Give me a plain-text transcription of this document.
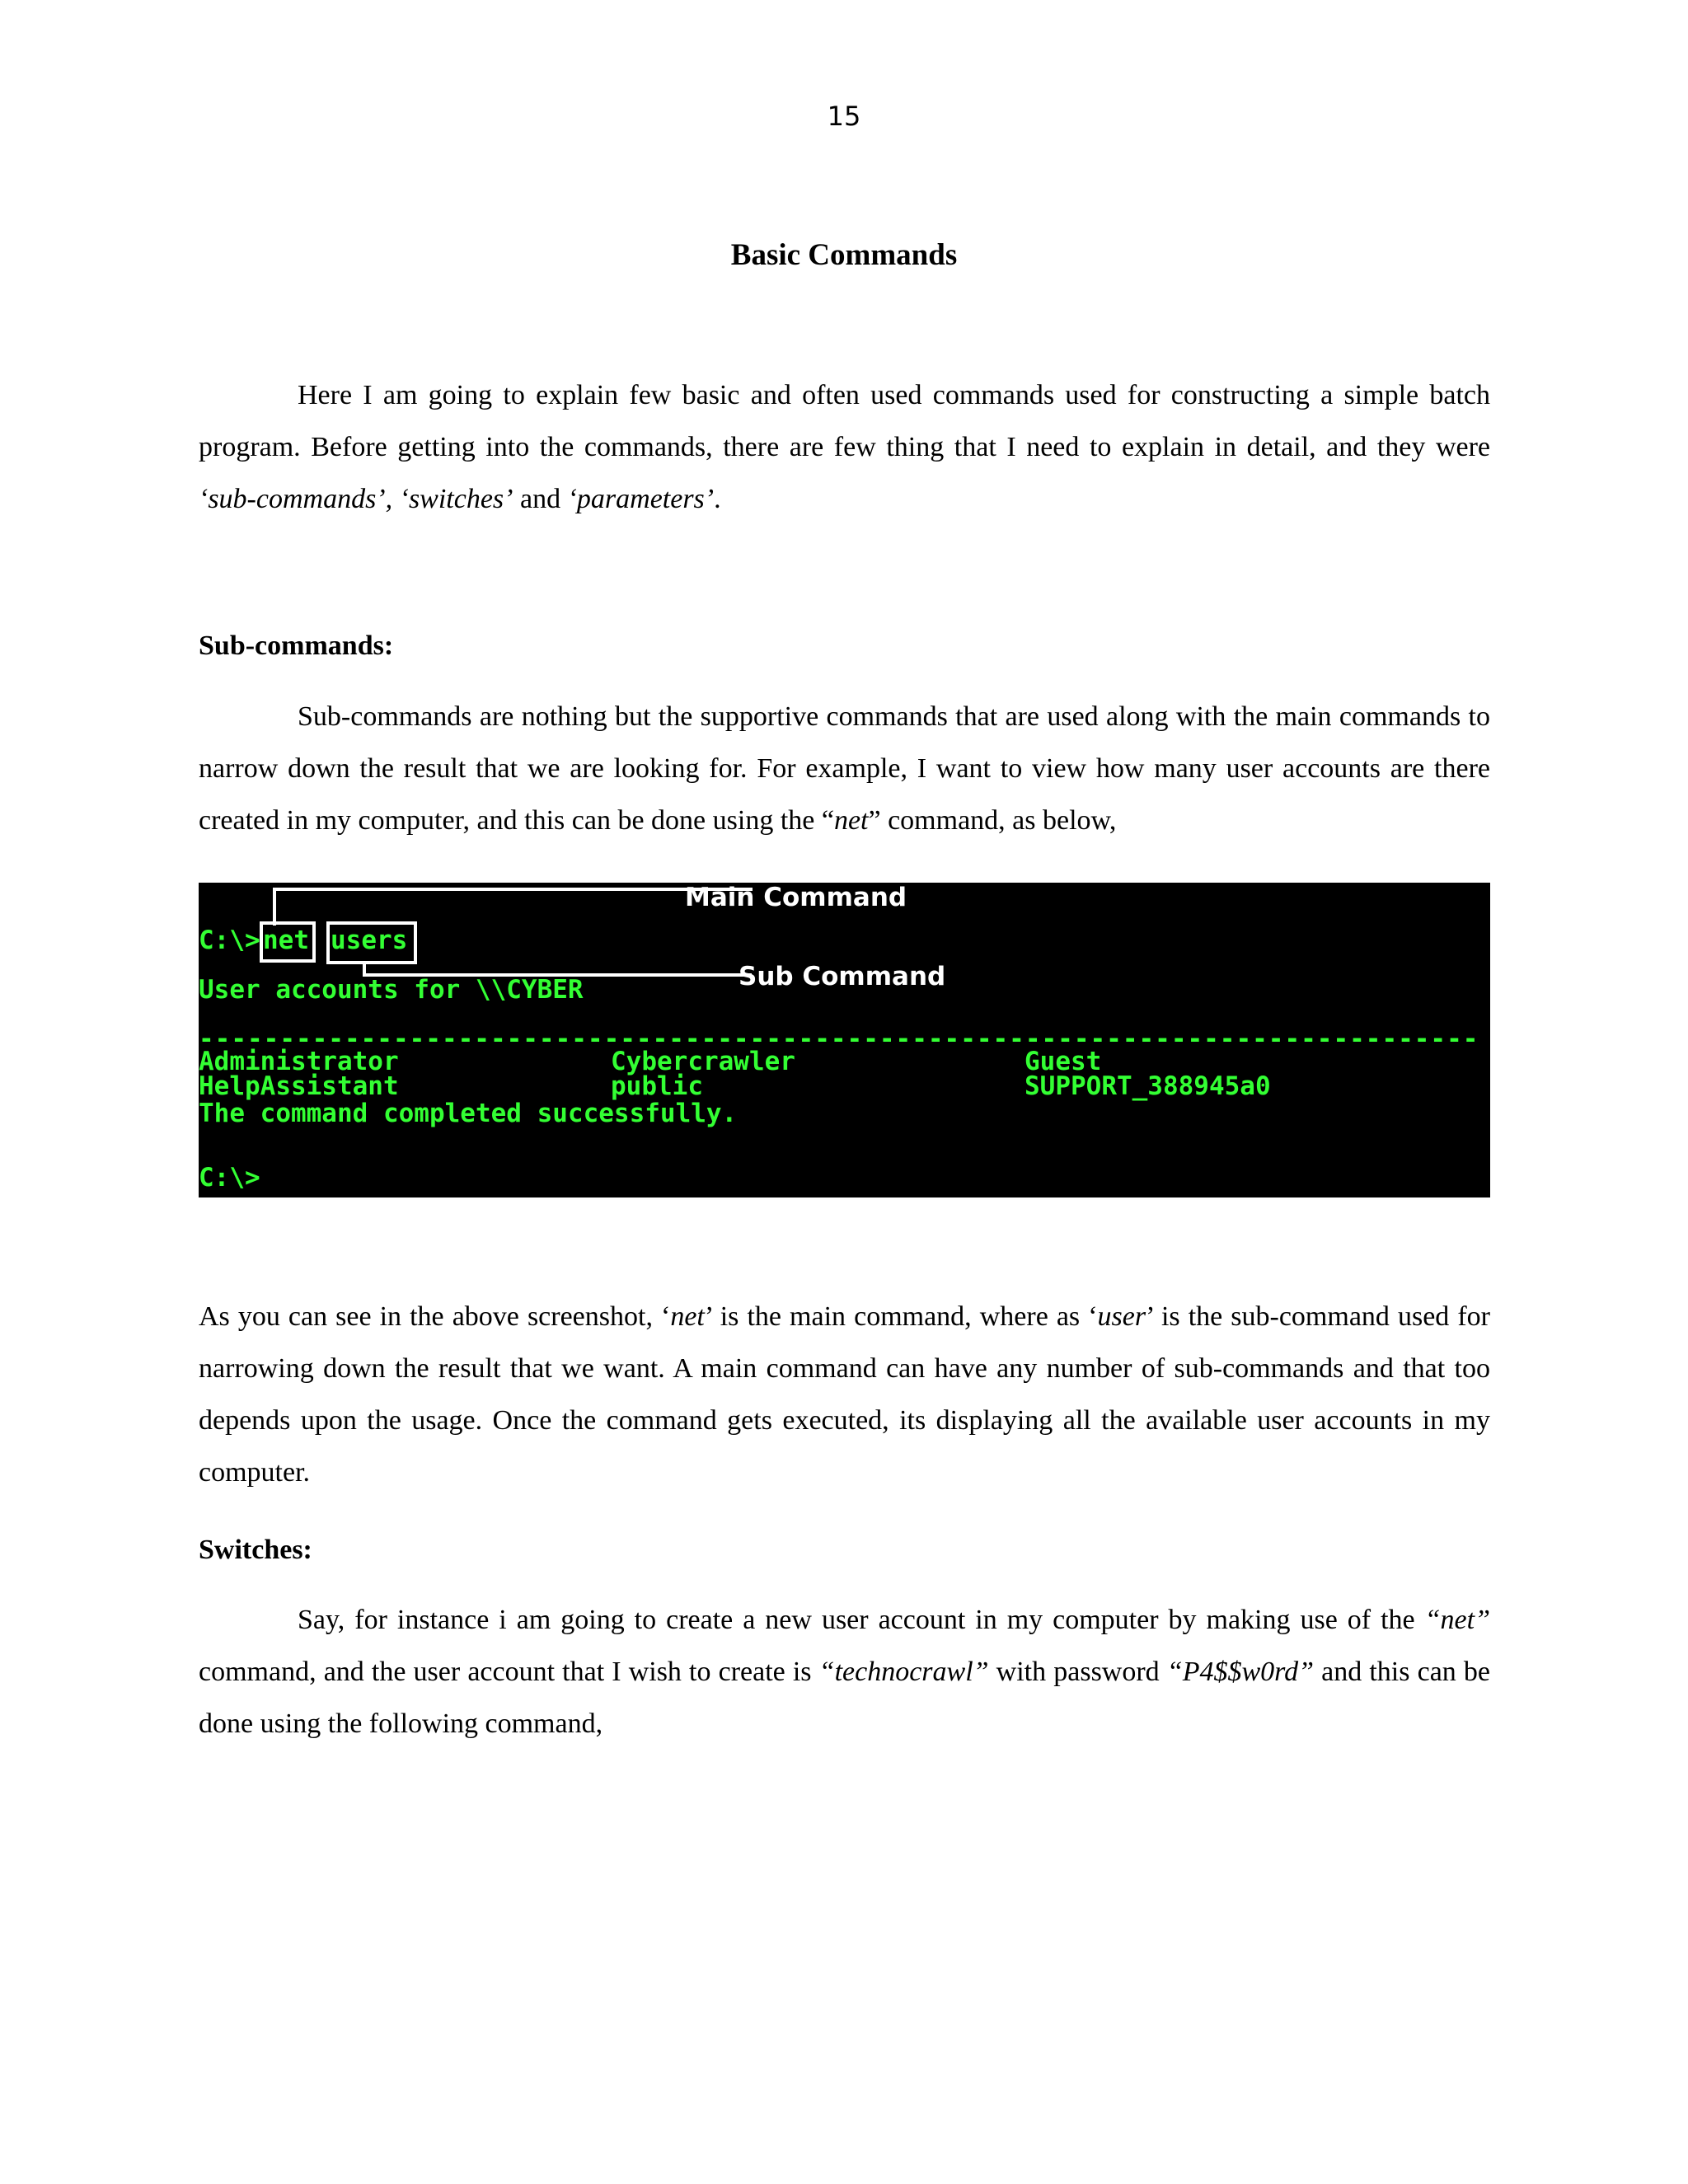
15
Basic Commands
Here I am going to explain few basic and often used commands used for constructing a simple batch program. Before getting into the commands, there are few thing that I need to explain in detail, and they were ‘sub-commands’, ‘switches’ and ‘parameters’.
Sub-commands:
Sub-commands are nothing but the supportive commands that are used along with the main commands to narrow down the result that we are looking for. For example, I want to view how many user accounts are there created in my computer, and this can be done using the “net” command, as below,
Main Command
Sub Command
C:\> net users
User accounts for \\CYBER
-------------------------------------------------------------------------------
Administrator
HelpAssistant
Cybercrawler
public
Guest
SUPPORT_388945a0
The command completed successfully.
C:\>
As you can see in the above screenshot, ‘net’ is the main command, where as ‘user’ is the sub-command used for narrowing down the result that we want. A main command can have any number of sub-commands and that too depends upon the usage. Once the command gets executed, its displaying all the available user accounts in my computer.
Switches:
Say, for instance i am going to create a new user account in my computer by making use of the “net” command, and the user account that I wish to create is “technocrawl” with password “P4$$w0rd” and this can be done using the following command,
